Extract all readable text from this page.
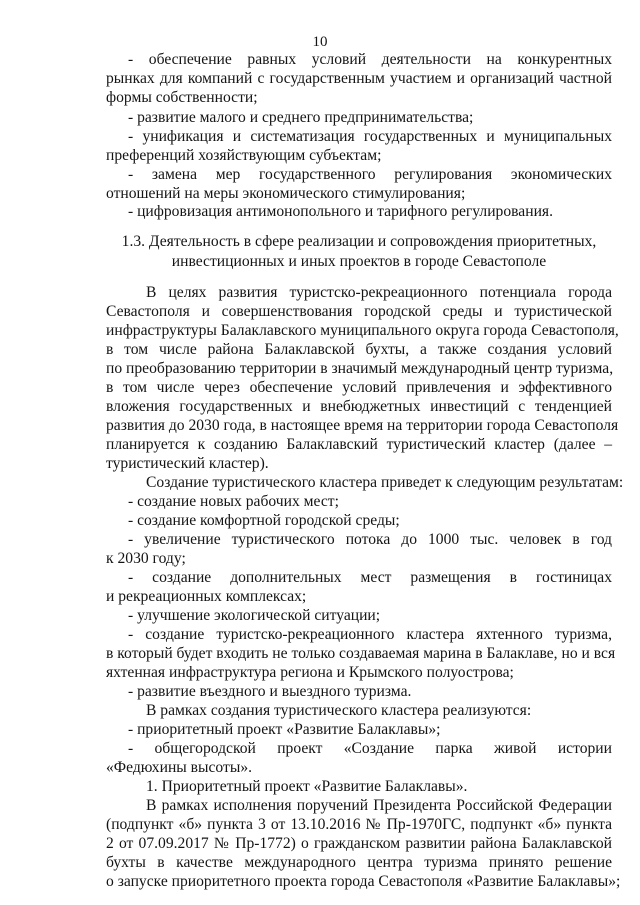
10
- обеспечение равных условий деятельности на конкурентных
рынках для компаний с государственным участием и организаций частной
формы собственности;
- развитие малого и среднего предпринимательства;
- унификация и систематизация государственных и муниципальных
преференций хозяйствующим субъектам;
- замена мер государственного регулирования экономических
отношений на меры экономического стимулирования;
- цифровизация антимонопольного и тарифного регулирования.
1.3. Деятельность в сфере реализации и сопровождения приоритетных,
инвестиционных и иных проектов в городе Севастополе
В целях развития туристско-рекреационного потенциала города
Севастополя и совершенствования городской среды и туристической
инфраструктуры Балаклавского муниципального округа города Севастополя,
в том числе района Балаклавской бухты, а также создания условий
по преобразованию территории в значимый международный центр туризма,
в том числе через обеспечение условий привлечения и эффективного
вложения государственных и внебюджетных инвестиций с тенденцией
развития до 2030 года, в настоящее время на территории города Севастополя
планируется к созданию Балаклавский туристический кластер (далее –
туристический кластер).
Создание туристического кластера приведет к следующим результатам:
- создание новых рабочих мест;
- создание комфортной городской среды;
- увеличение туристического потока до 1000 тыс. человек в год
к 2030 году;
- создание дополнительных мест размещения в гостиницах
и рекреационных комплексах;
- улучшение экологической ситуации;
- создание туристско-рекреационного кластера яхтенного туризма,
в который будет входить не только создаваемая марина в Балаклаве, но и вся
яхтенная инфраструктура региона и Крымского полуострова;
- развитие въездного и выездного туризма.
В рамках создания туристического кластера реализуются:
- приоритетный проект «Развитие Балаклавы»;
- общегородской проект «Создание парка живой истории
«Федюхины высоты».
1. Приоритетный проект «Развитие Балаклавы».
В рамках исполнения поручений Президента Российской Федерации
(подпункт «б» пункта 3 от 13.10.2016 № Пр-1970ГС, подпункт «б» пункта
2 от 07.09.2017 № Пр-1772) о гражданском развитии района Балаклавской
бухты в качестве международного центра туризма принято решение
о запуске приоритетного проекта города Севастополя «Развитие Балаклавы»;
